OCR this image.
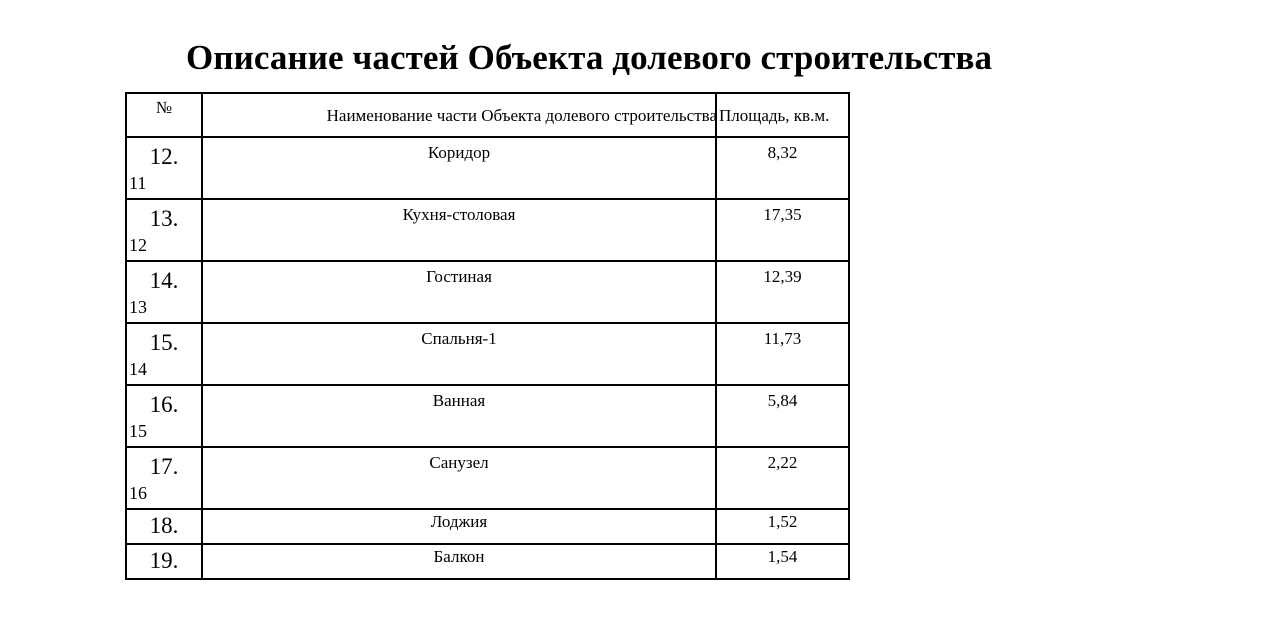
Описание частей Объекта долевого строительства
№	Наименование части Объекта долевого строительства	Площадь, кв.м.

12.
11	Коридор	8,32

13.
12	Кухня-столовая	17,35

14.
13	Гостиная	12,39

15.
14	Спальня-1	11,73

16.
15	Ванная	5,84

17.
16	Санузел	2,22

18.	Лоджия	1,52

19.	Балкон	1,54
